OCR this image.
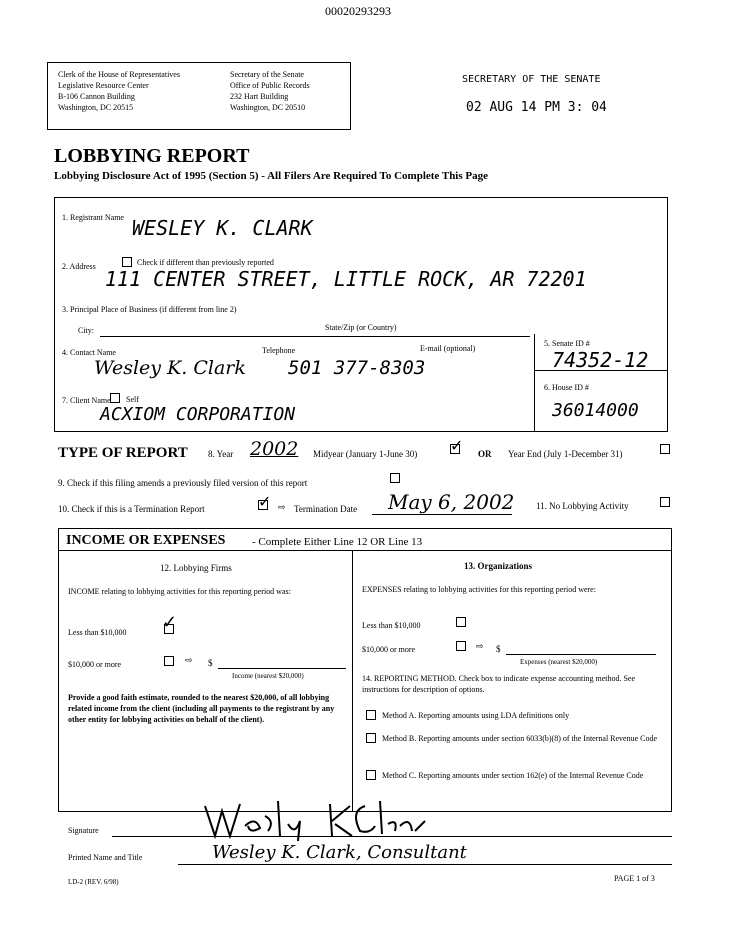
00020293293
Clerk of the House of Representatives
Legislative Resource Center
B-106 Cannon Building
Washington, DC 20515
Secretary of the Senate
Office of Public Records
232 Hart Building
Washington, DC 20510
SECRETARY OF THE SENATE
02 AUG 14 PM 3: 04
LOBBYING REPORT
Lobbying Disclosure Act of 1995 (Section 5) - All Filers Are Required To Complete This Page
1. Registrant Name WESLEY K. CLARK
2. Address	Check if different than previously reported
111 CENTER STREET, LITTLE ROCK, AR 72201
3. Principal Place of Business (if different from line 2)
City:	State/Zip (or Country)
4. Contact Name	Telephone	E-mail (optional)
Wesley K. Clark 501 377-8303
5. Senate ID #
74352-12
6. House ID #
36014000
7. Client Name Self
ACXIOM CORPORATION
TYPE OF REPORT 8. Year 2002 Midyear (January 1-June 30) ✓ OR Year End (July 1-December 31)
9. Check if this filing amends a previously filed version of this report
10. Check if this is a Termination Report	✓ ⇨ Termination Date May 6, 2002 11. No Lobbying Activity
INCOME OR EXPENSES - Complete Either Line 12 OR Line 13
12. Lobbying Firms
INCOME relating to lobbying activities for this reporting period was:
Less than $10,000
✓
$10,000 or more	⇨ $
Income (nearest $20,000)
Provide a good faith estimate, rounded to the nearest $20,000, of all lobbying related income from the client (including all payments to the registrant by any other entity for lobbying activities on behalf of the client).
13. Organizations
EXPENSES relating to lobbying activities for this reporting period were:
Less than $10,000
$10,000 or more	⇨ $
Expenses (nearest $20,000)
14. REPORTING METHOD. Check box to indicate expense accounting method. See instructions for description of options.
Method A. Reporting amounts using LDA definitions only
Method B. Reporting amounts under section 6033(b)(8) of the Internal Revenue Code
Method C. Reporting amounts under section 162(e) of the Internal Revenue Code
Signature
Printed Name and Title	Wesley K. Clark, Consultant
LD-2 (REV. 6/98)	PAGE 1 of 3
